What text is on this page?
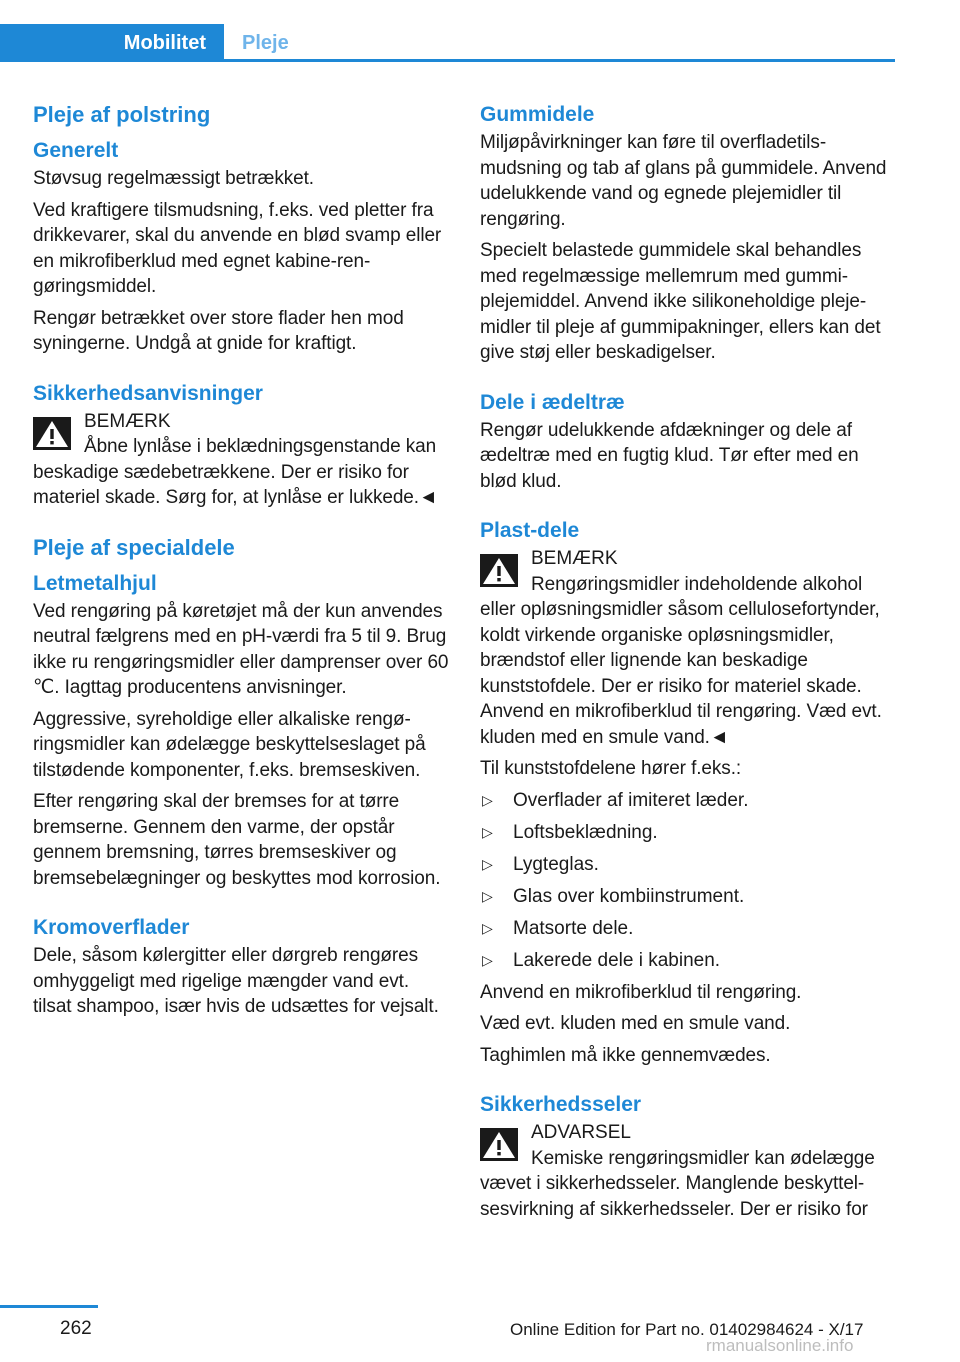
Mobilitet	Pleje
Pleje af polstring
Generelt

Støvsug regelmæssigt betrækket.

Ved kraftigere tilsmudsning, f.eks. ved pletter fra drikkevarer, skal du anvende en blød svamp eller en mikrofiberklud med egnet kabine-rengøringsmiddel.

Rengør betrækket over store flader hen mod syningerne. Undgå at gnide for kraftigt.

Sikkerhedsanvisninger
BEMÆRK

Åbne lynlåse i beklædningsgenstande kan beskadige sædebetrækkene. Der er risiko for materiel skade. Sørg for, at lynlåse er lukkede.◄

Pleje af specialdele
Letmetalhjul

Ved rengøring på køretøjet må der kun anvendes neutral fælgrens med en pH-værdi fra 5 til 9. Brug ikke ru rengøringsmidler eller damprenser over 60 ℃. Iagttag producentens anvisninger.

Aggressive, syreholdige eller alkaliske rengøringsmidler kan ødelægge beskyttelseslaget på tilstødende komponenter, f.eks. bremseskiven.

Efter rengøring skal der bremses for at tørre bremserne. Gennem den varme, der opstår gennem bremsning, tørres bremseskiver og bremsebelægninger og beskyttes mod korrosion.

Kromoverflader

Dele, såsom kølergitter eller dørgreb rengøres omhyggeligt med rigelige mængder vand evt. tilsat shampoo, især hvis de udsættes for vejsalt.

Gummidele

Miljøpåvirkninger kan føre til overfladetilsmudsning og tab af glans på gummidele. Anvend udelukkende vand og egnede plejemidler til rengøring.

Specielt belastede gummidele skal behandles med regelmæssige mellemrum med gummiplejemiddel. Anvend ikke silikoneholdige plejemidler til pleje af gummipakninger, ellers kan det give støj eller beskadigelser.

Dele i ædeltræ

Rengør udelukkende afdækninger og dele af ædeltræ med en fugtig klud. Tør efter med en blød klud.

Plast-dele
BEMÆRK

Rengøringsmidler indeholdende alkohol eller opløsningsmidler såsom cellulosefortynder, koldt virkende organiske opløsningsmidler, brændstof eller lignende kan beskadige kunststofdele. Der er risiko for materiel skade. Anvend en mikrofiberklud til rengøring. Væd evt. kluden med en smule vand.◄

Til kunststofdelene hører f.eks.:

▷ Overflader af imiteret læder.
▷ Loftsbeklædning.
▷ Lygteglas.
▷ Glas over kombiinstrument.
▷ Matsorte dele.
▷ Lakerede dele i kabinen.

Anvend en mikrofiberklud til rengøring.

Væd evt. kluden med en smule vand.

Taghimlen må ikke gennemvædes.

Sikkerhedsseler
ADVARSEL

Kemiske rengøringsmidler kan ødelægge vævet i sikkerhedsseler. Manglende beskyttelsesvirkning af sikkerhedsseler. Der er risiko for

262	Online Edition for Part no. 01402984624 - X/17
rmanualsonline.info
